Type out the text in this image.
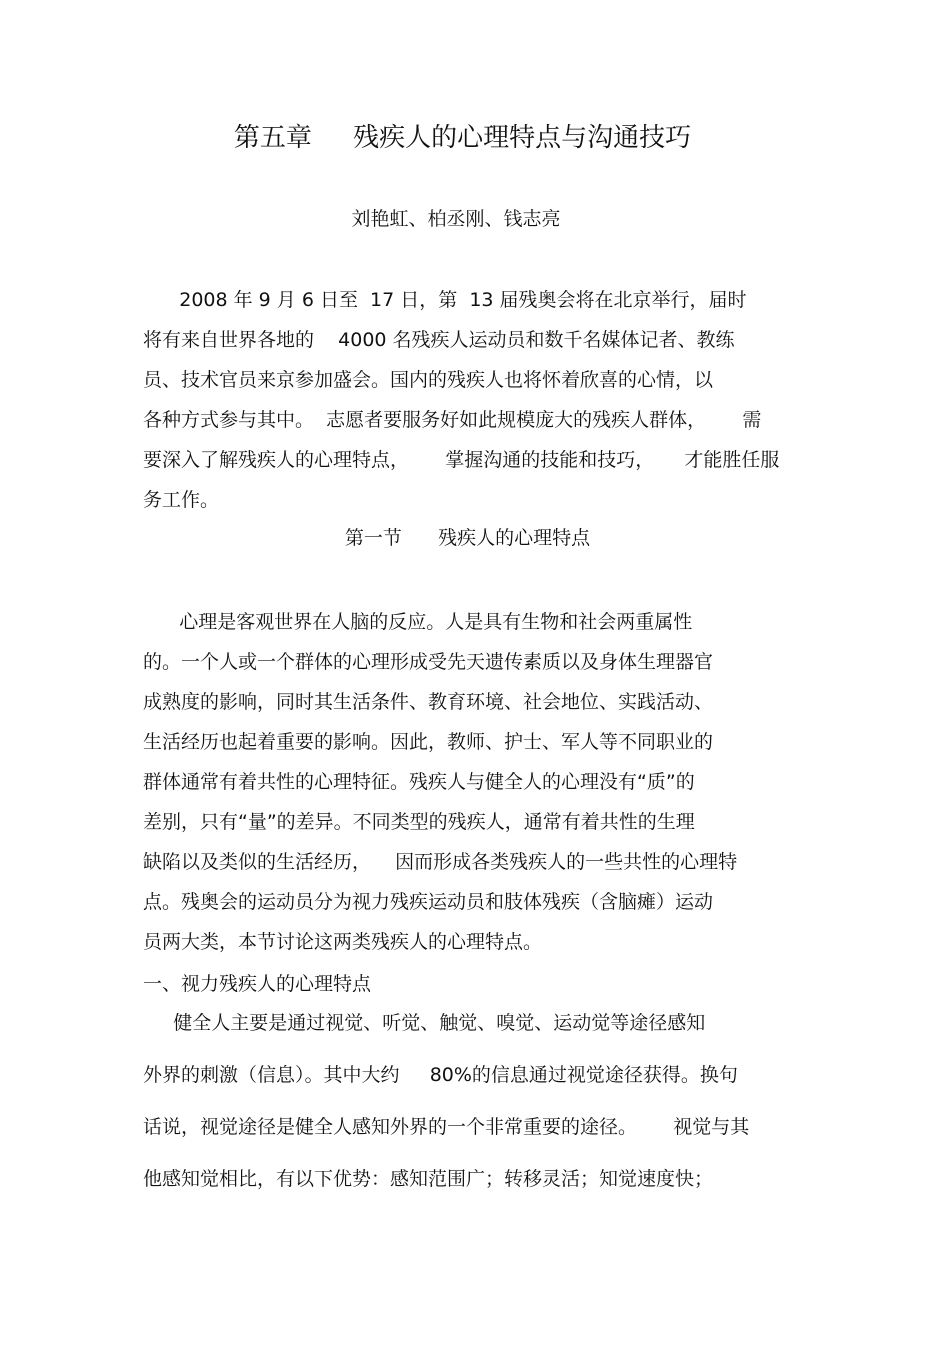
第五章     残疾人的心理特点与沟通技巧

刘艳虹、柏丞刚、钱志亮

2008 年 9 月 6 日至  17 日，第  13 届残奥会将在北京举行，届时
将有来自世界各地的    4000 名残疾人运动员和数千名媒体记者、教练
员、技术官员来京参加盛会。国内的残疾人也将怀着欣喜的心情，以
各种方式参与其中。  志愿者要服务好如此规模庞大的残疾人群体，      需
要深入了解残疾人的心理特点，      掌握沟通的技能和技巧，     才能胜任服
务工作。
第一节      残疾人的心理特点
心理是客观世界在人脑的反应。人是具有生物和社会两重属性
的。一个人或一个群体的心理形成受先天遗传素质以及身体生理器官
成熟度的影响，同时其生活条件、教育环境、社会地位、实践活动、
生活经历也起着重要的影响。因此，教师、护士、军人等不同职业的
群体通常有着共性的心理特征。残疾人与健全人的心理没有“质”的
差别，只有“量”的差异。不同类型的残疾人，通常有着共性的生理
缺陷以及类似的生活经历，    因而形成各类残疾人的一些共性的心理特
点。残奥会的运动员分为视力残疾运动员和肢体残疾（含脑瘫）运动
员两大类，本节讨论这两类残疾人的心理特点。
一、视力残疾人的心理特点
健全人主要是通过视觉、听觉、触觉、嗅觉、运动觉等途径感知
外界的刺激（信息）。其中大约     80%的信息通过视觉途径获得。换句
话说，视觉途径是健全人感知外界的一个非常重要的途径。      视觉与其
他感知觉相比，有以下优势：感知范围广；转移灵活；知觉速度快；
